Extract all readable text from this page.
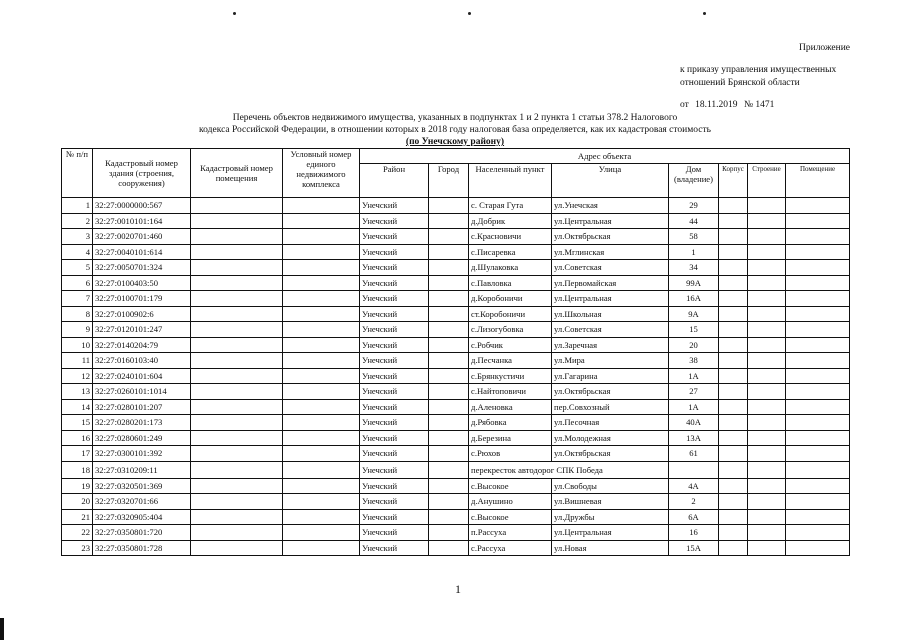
Приложение
к приказу управления имущественных
отношений Брянской области
от 18.11.2019 № 1471
Перечень объектов недвижимого имущества, указанных в подпунктах 1 и 2 пункта 1 статьи 378.2 Налогового
кодекса Российской Федерации, в отношении которых в 2018 году налоговая база определяется, как их кадастровая стоимость
(по Унечскому району)
№ п/п	Кадастровый номер здания (строения, сооружения)	Кадастровый номер помещения	Условный номер единого недвижимого комплекса	Адрес объекта							
				Район	Город	Населенный пункт	Улица	Дом (владение)	Корпус	Строение	Помещение
1	32:27:0000000:567			Унечский		с. Старая Гута	ул.Унечская	29			
2	32:27:0010101:164			Унечский		д.Добрик	ул.Центральная	44			
3	32:27:0020701:460			Унечский		с.Красновичи	ул.Октябрьская	58			
4	32:27:0040101:614			Унечский		с.Писаревка	ул.Мглинская	1			
5	32:27:0050701:324			Унечский		д.Шулаковка	ул.Советская	34			
6	32:27:0100403:50			Унечский		с.Павловка	ул.Первомайская	99А			
7	32:27:0100701:179			Унечский		д.Коробоничи	ул.Центральная	16А			
8	32:27:0100902:6			Унечский		ст.Коробоничи	ул.Школьная	9А			
9	32:27:0120101:247			Унечский		с.Лизогубовка	ул.Советская	15			
10	32:27:0140204:79			Унечский		с.Робчик	ул.Заречная	20			
11	32:27:0160103:40			Унечский		д.Песчанка	ул.Мира	38			
12	32:27:0240101:604			Унечский		с.Брянкустичи	ул.Гагарина	1А			
13	32:27:0260101:1014			Унечский		с.Найтоповичи	ул.Октябрьская	27			
14	32:27:0280101:207			Унечский		д.Аленовка	пер.Совхозный	1А			
15	32:27:0280201:173			Унечский		д.Рябовка	ул.Песочная	40А			
16	32:27:0280601:249			Унечский		д.Березина	ул.Молодежная	13А			
17	32:27:0300101:392			Унечский		с.Рюхов	ул.Октябрьская	61			
18	32:27:0310209:11			Унечский		перекресток автодорог СПК Победа					
19	32:27:0320501:369			Унечский		с.Высокое	ул.Свободы	4А			
20	32:27:0320701:66			Унечский		д.Анушино	ул.Вишневая	2			
21	32:27:0320905:404			Унечский		с.Высокое	ул.Дружбы	6А			
22	32:27:0350801:720			Унечский		п.Рассуха	ул.Центральная	16			
23	32:27:0350801:728			Унечский		с.Рассуха	ул.Новая	15А			
1
